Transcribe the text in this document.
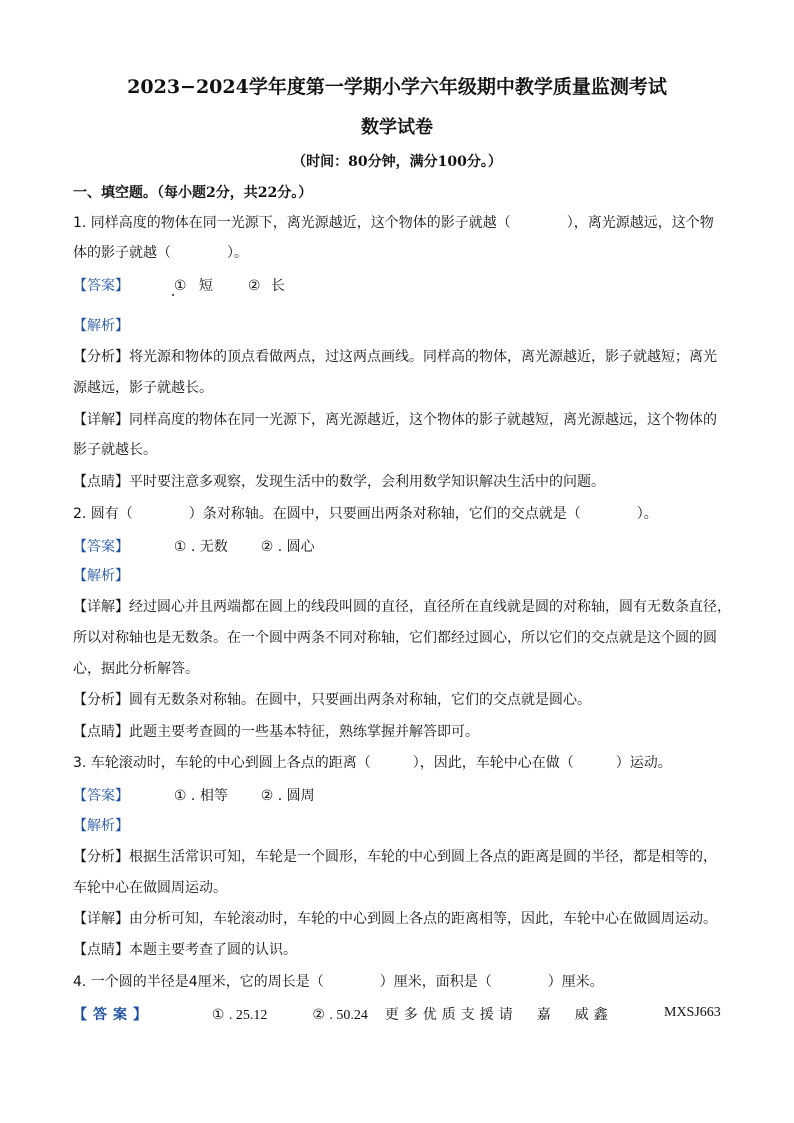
2023−2024学年度第一学期小学六年级期中教学质量监测考试
数学试卷
（时间：80分钟，满分100分。）
一、填空题。（每小题2分，共22分。）
1. 同样高度的物体在同一光源下，离光源越近，这个物体的影子就越（　　　　），离光源越远，这个物
体的影子就越（　　　　）。
【答案】	① 短 ② 长
【解析】
【分析】将光源和物体的顶点看做两点，过这两点画线。同样高的物体，离光源越近，影子就越短；离光
源越远，影子就越长。
【详解】同样高度的物体在同一光源下，离光源越近，这个物体的影子就越短，离光源越远，这个物体的
影子就越长。
【点睛】平时要注意多观察，发现生活中的数学，会利用数学知识解决生活中的问题。
2. 圆有（　　　　）条对称轴。在圆中，只要画出两条对称轴，它们的交点就是（　　　　）。
【答案】	① . 无数 ② . 圆心
【解析】
【详解】经过圆心并且两端都在圆上的线段叫圆的直径，直径所在直线就是圆的对称轴，圆有无数条直径，
所以对称轴也是无数条。在一个圆中两条不同对称轴，它们都经过圆心，所以它们的交点就是这个圆的圆
心，据此分析解答。
【分析】圆有无数条对称轴。在圆中，只要画出两条对称轴，它们的交点就是圆心。
【点睛】此题主要考查圆的一些基本特征，熟练掌握并解答即可。
3. 车轮滚动时，车轮的中心到圆上各点的距离（　　　），因此，车轮中心在做（　　　）运动。
【答案】	① . 相等 ② . 圆周
【解析】
【分析】根据生活常识可知，车轮是一个圆形，车轮的中心到圆上各点的距离是圆的半径，都是相等的，
车轮中心在做圆周运动。
【详解】由分析可知，车轮滚动时，车轮的中心到圆上各点的距离相等，因此，车轮中心在做圆周运动。
【点睛】本题主要考查了圆的认识。
4. 一个圆的半径是4厘米，它的周长是（　　　　）厘米，面积是（　　　　）厘米。
【答案】	① . 25.12	② . 50.24 更多优质支援请　嘉　威鑫	MXSJ663
